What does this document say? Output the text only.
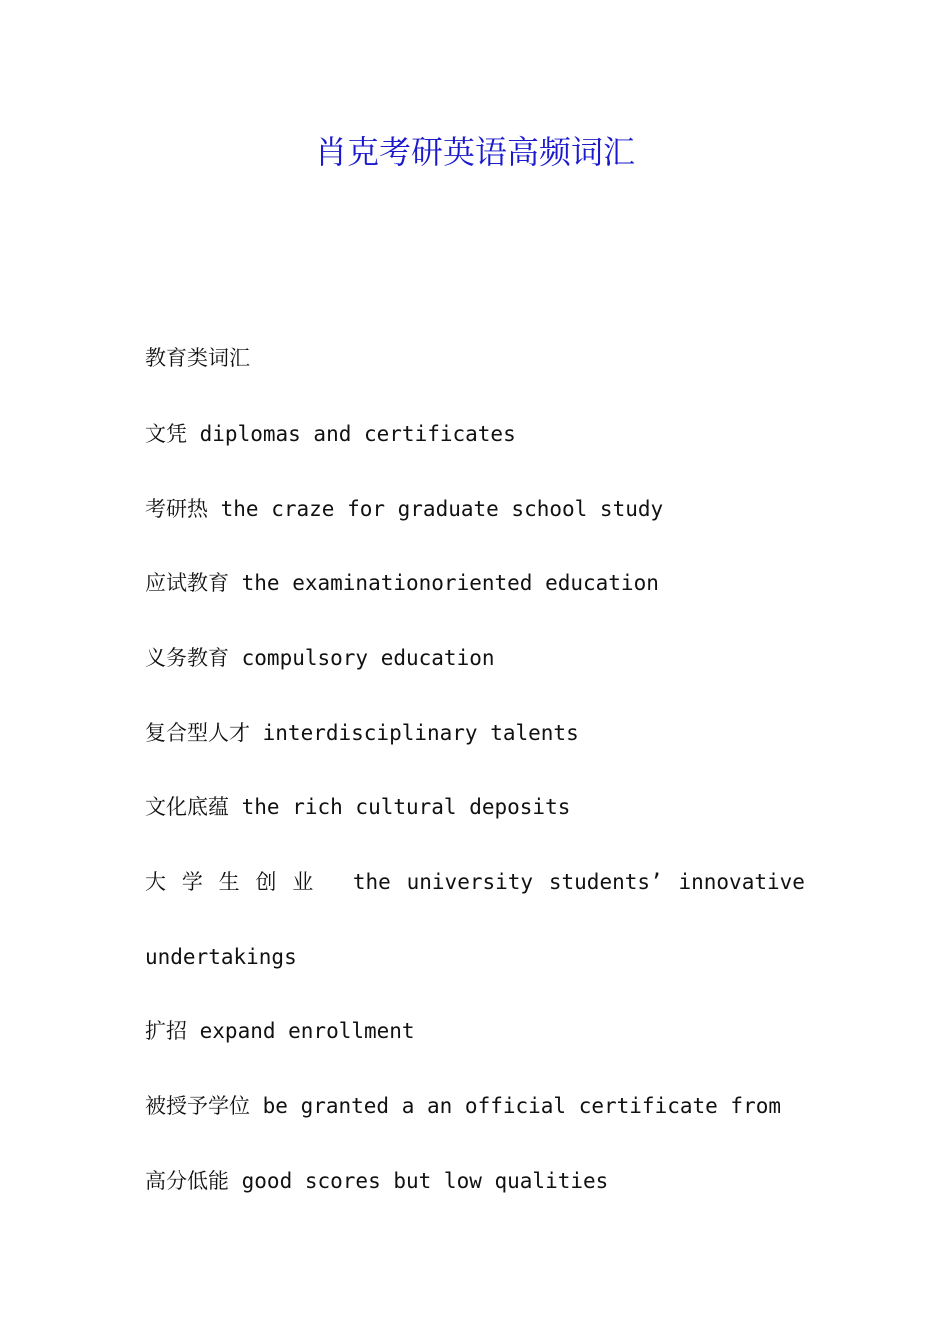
肖克考研英语高频词汇
教育类词汇
文凭 diplomas and certificates
考研热 the craze for graduate school study
应试教育 the examinationoriented education
义务教育 compulsory education
复合型人才 interdisciplinary talents
文化底蕴 the rich cultural deposits
大 学 生 创 业 the university students’ innovative
undertakings
扩招 expand enrollment
被授予学位 be granted a an official certificate from
高分低能 good scores but low qualities
